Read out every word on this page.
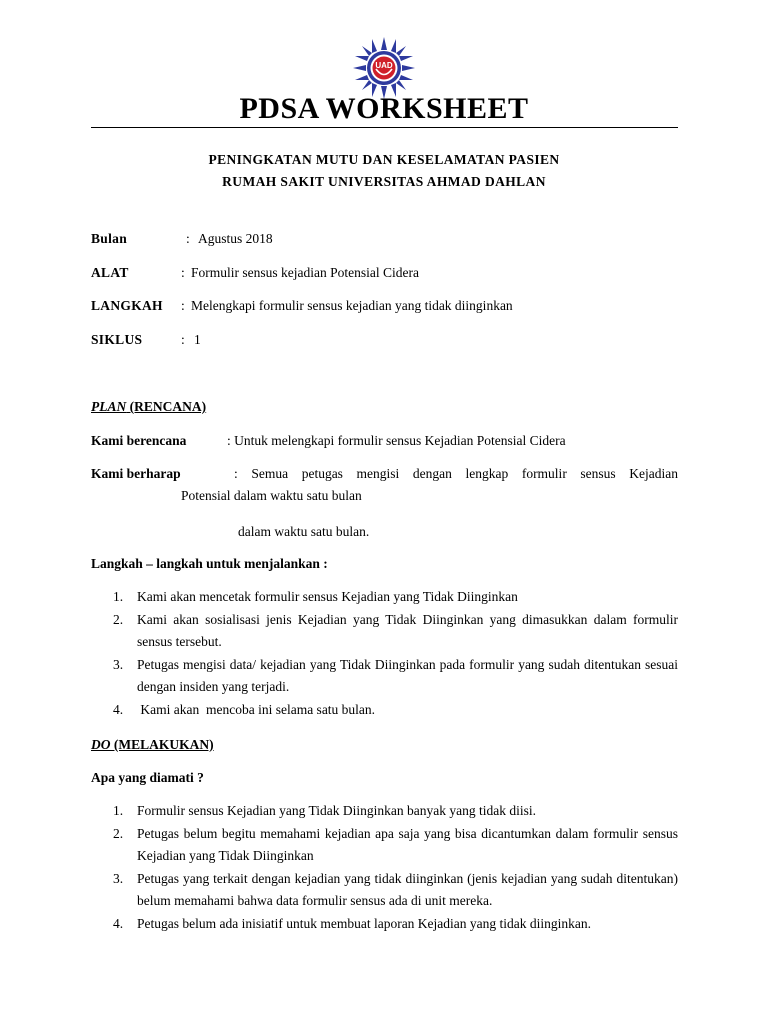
UAD
PDSA WORKSHEET
PENINGKATAN MUTU DAN KESELAMATAN PASIEN
RUMAH SAKIT UNIVERSITAS AHMAD DAHLAN
Bulan	: Agustus 2018
ALAT	: Formulir sensus kejadian Potensial Cidera
LANGKAH : Melengkapi formulir sensus kejadian yang tidak diinginkan
SIKLUS	: 1
PLAN (RENCANA)
Kami berencana	: Untuk melengkapi formulir sensus Kejadian Potensial Cidera
Kami berharap	: Semua petugas mengisi dengan lengkap formulir sensus Kejadian
Potensial dalam waktu satu bulan
dalam waktu satu bulan.
Langkah – langkah untuk menjalankan :
1. Kami akan mencetak formulir sensus Kejadian yang Tidak Diinginkan
2. Kami akan sosialisasi jenis Kejadian yang Tidak Diinginkan yang dimasukkan dalam formulir sensus tersebut.
3. Petugas mengisi data/ kejadian yang Tidak Diinginkan pada formulir yang sudah ditentukan sesuai dengan insiden yang terjadi.
4. Kami akan  mencoba ini selama satu bulan.
DO (MELAKUKAN)
Apa yang diamati ?
1. Formulir sensus Kejadian yang Tidak Diinginkan banyak yang tidak diisi.
2. Petugas belum begitu memahami kejadian apa saja yang bisa dicantumkan dalam formulir sensus Kejadian yang Tidak Diinginkan
3. Petugas yang terkait dengan kejadian yang tidak diinginkan (jenis kejadian yang sudah ditentukan) belum memahami bahwa data formulir sensus ada di unit mereka.
4. Petugas belum ada inisiatif untuk membuat laporan Kejadian yang tidak diinginkan.
